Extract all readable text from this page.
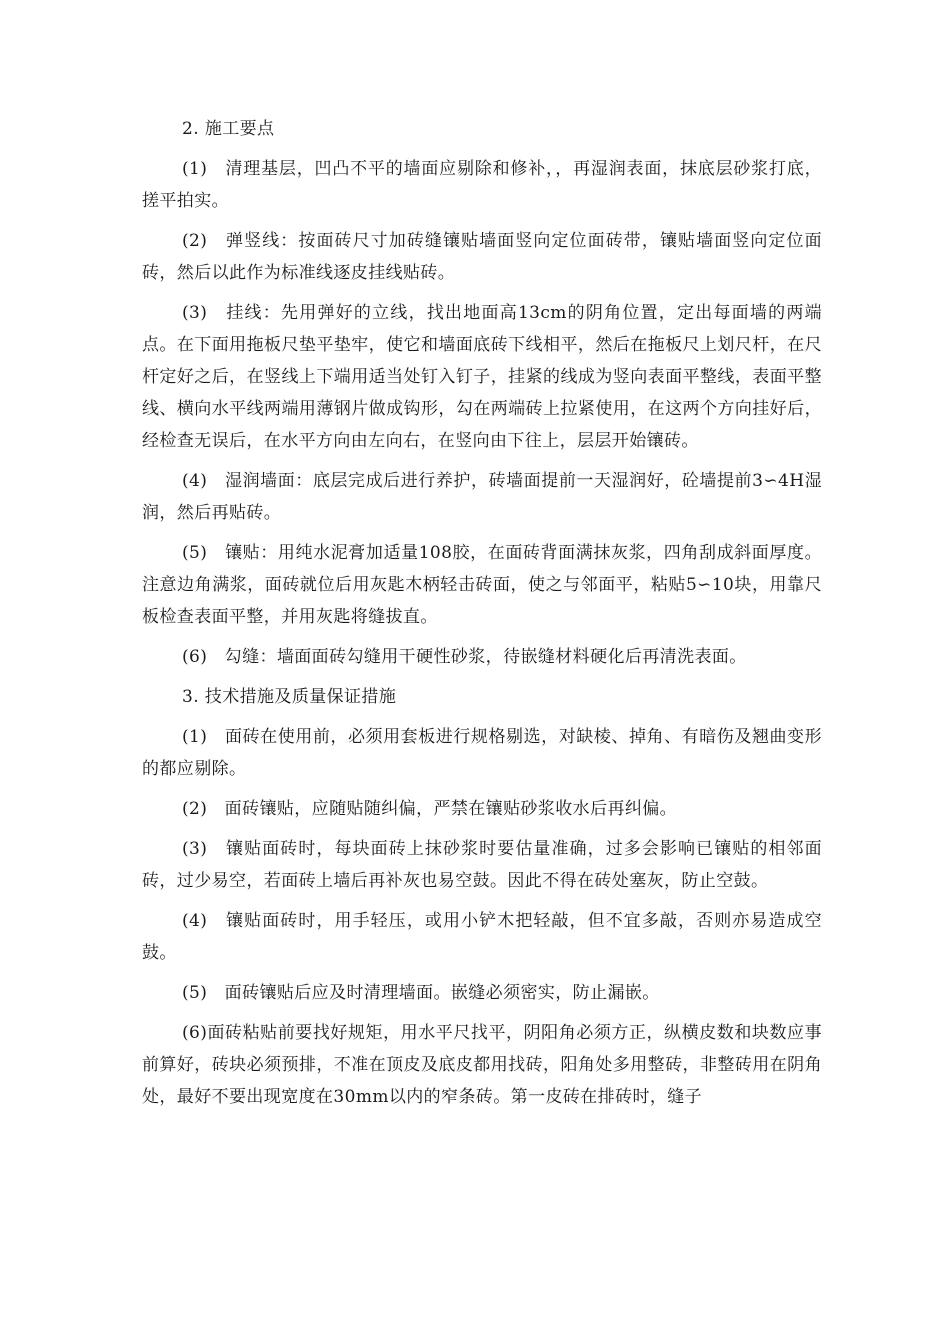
2. 施工要点

(1)　清理基层，凹凸不平的墙面应剔除和修补，，再湿润表面，抹底层砂浆打底，搓平拍实。

(2)　弹竖线：按面砖尺寸加砖缝镶贴墙面竖向定位面砖带，镶贴墙面竖向定位面砖，然后以此作为标准线逐皮挂线贴砖。

(3)　挂线：先用弹好的立线，找出地面高13cm的阴角位置，定出每面墙的两端点。在下面用拖板尺垫平垫牢，使它和墙面底砖下线相平，然后在拖板尺上划尺杆，在尺杆定好之后，在竖线上下端用适当处钉入钉子，挂紧的线成为竖向表面平整线，表面平整线、横向水平线两端用薄钢片做成钩形，勾在两端砖上拉紧使用，在这两个方向挂好后，经检查无误后，在水平方向由左向右，在竖向由下往上，层层开始镶砖。

(4)　湿润墙面：底层完成后进行养护，砖墙面提前一天湿润好，砼墙提前3∽4H湿润，然后再贴砖。

(5)　镶贴：用纯水泥膏加适量108胶，在面砖背面满抹灰浆，四角刮成斜面厚度。注意边角满浆，面砖就位后用灰匙木柄轻击砖面，使之与邻面平，粘贴5∽10块，用靠尺板检查表面平整，并用灰匙将缝拔直。

(6)　勾缝：墙面面砖勾缝用干硬性砂浆，待嵌缝材料硬化后再清洗表面。

3. 技术措施及质量保证措施

(1)　面砖在使用前，必须用套板进行规格剔选，对缺棱、掉角、有暗伤及翘曲变形的都应剔除。

(2)　面砖镶贴，应随贴随纠偏，严禁在镶贴砂浆收水后再纠偏。

(3)　镶贴面砖时，每块面砖上抹砂浆时要估量准确，过多会影响已镶贴的相邻面砖，过少易空，若面砖上墙后再补灰也易空鼓。因此不得在砖处塞灰，防止空鼓。

(4)　镶贴面砖时，用手轻压，或用小铲木把轻敲，但不宜多敲，否则亦易造成空鼓。

(5)　面砖镶贴后应及时清理墙面。嵌缝必须密实，防止漏嵌。

(6)面砖粘贴前要找好规矩，用水平尺找平，阴阳角必须方正，纵横皮数和块数应事前算好，砖块必须预排，不准在顶皮及底皮都用找砖，阳角处多用整砖，非整砖用在阴角处，最好不要出现宽度在30mm以内的窄条砖。第一皮砖在排砖时，缝子
